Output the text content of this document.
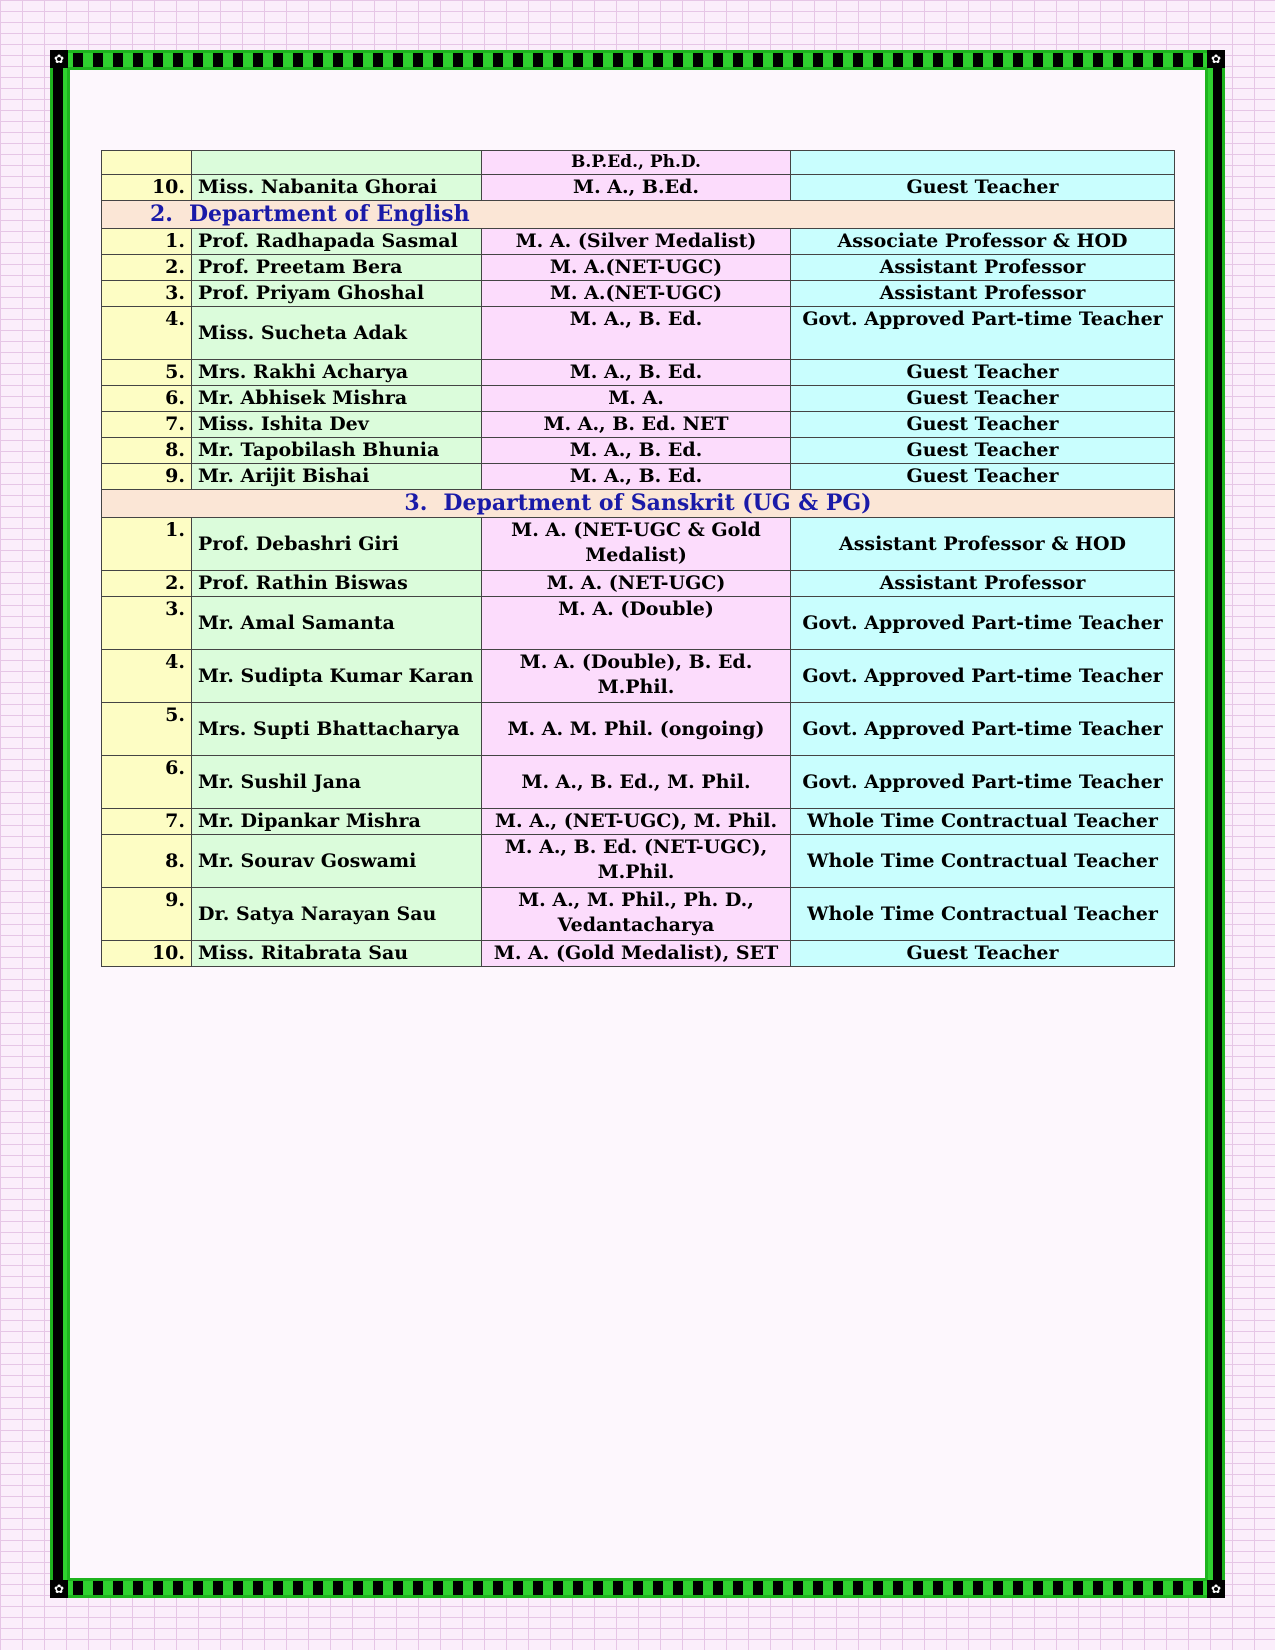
✿	✿
✿	✿
		B.P.Ed., Ph.D.	
10.	Miss. Nabanita Ghorai	M. A., B.Ed.	Guest Teacher
2. Department of English			
1.	Prof. Radhapada Sasmal	M. A. (Silver Medalist)	Associate Professor & HOD
2.	Prof. Preetam Bera	M. A.(NET-UGC)	Assistant Professor
3.	Prof. Priyam Ghoshal	M. A.(NET-UGC)	Assistant Professor
4.	Miss. Sucheta Adak	M. A., B. Ed.	Govt. Approved Part-time Teacher
5.	Mrs. Rakhi Acharya	M. A., B. Ed.	Guest Teacher
6.	Mr. Abhisek Mishra	M. A.	Guest Teacher
7.	Miss. Ishita Dev	M. A., B. Ed. NET	Guest Teacher
8.	Mr. Tapobilash Bhunia	M. A., B. Ed.	Guest Teacher
9.	Mr. Arijit Bishai	M. A., B. Ed.	Guest Teacher
3. Department of Sanskrit (UG & PG)			
1.	Prof. Debashri Giri	M. A. (NET-UGC & Gold Medalist)	Assistant Professor & HOD
2.	Prof. Rathin Biswas	M. A. (NET-UGC)	Assistant Professor
3.	Mr. Amal Samanta	M. A. (Double)	Govt. Approved Part-time Teacher
4.	Mr. Sudipta Kumar Karan	M. A. (Double), B. Ed. M.Phil.	Govt. Approved Part-time Teacher
5.	Mrs. Supti Bhattacharya	M. A. M. Phil. (ongoing)	Govt. Approved Part-time Teacher
6.	Mr. Sushil Jana	M. A., B. Ed., M. Phil.	Govt. Approved Part-time Teacher
7.	Mr. Dipankar Mishra	M. A., (NET-UGC), M. Phil.	Whole Time Contractual Teacher
8.	Mr. Sourav Goswami	M. A., B. Ed. (NET-UGC), M.Phil.	Whole Time Contractual Teacher
9.	Dr. Satya Narayan Sau	M. A., M. Phil., Ph. D., Vedantacharya	Whole Time Contractual Teacher
10.	Miss. Ritabrata Sau	M. A. (Gold Medalist), SET	Guest Teacher
